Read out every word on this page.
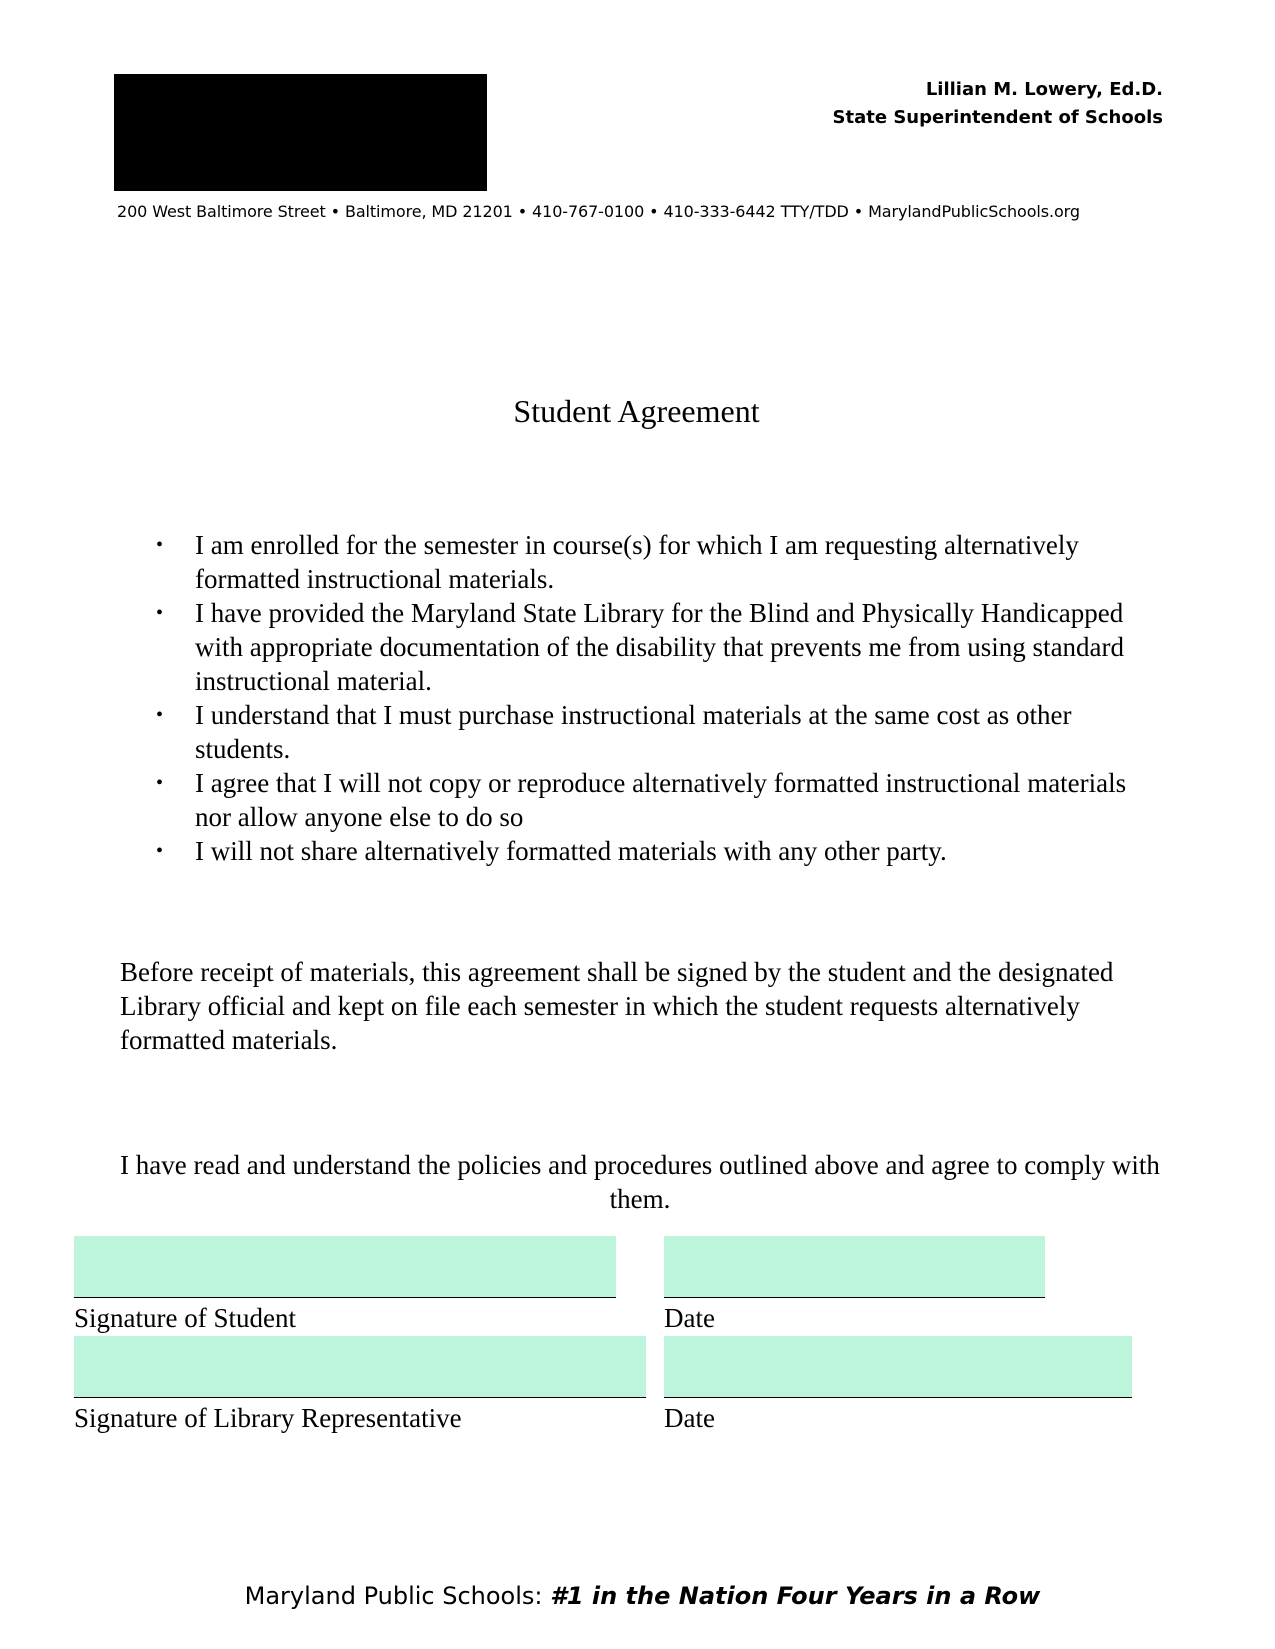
Lillian M. Lowery, Ed.D.
State Superintendent of Schools
200 West Baltimore Street • Baltimore, MD 21201 • 410-767-0100 • 410-333-6442 TTY/TDD • MarylandPublicSchools.org
Student Agreement
• I am enrolled for the semester in course(s) for which I am requesting alternatively formatted instructional materials.
• I have provided the Maryland State Library for the Blind and Physically Handicapped with appropriate documentation of the disability that prevents me from using standard instructional material.
• I understand that I must purchase instructional materials at the same cost as other students.
• I agree that I will not copy or reproduce alternatively formatted instructional materials nor allow anyone else to do so
• I will not share alternatively formatted materials with any other party.

Before receipt of materials, this agreement shall be signed by the student and the designated Library official and kept on file each semester in which the student requests alternatively formatted materials.

I have read and understand the policies and procedures outlined above and agree to comply with them.

Signature of Student	Date
Signature of Library Representative	Date
Maryland Public Schools: #1 in the Nation Four Years in a Row
